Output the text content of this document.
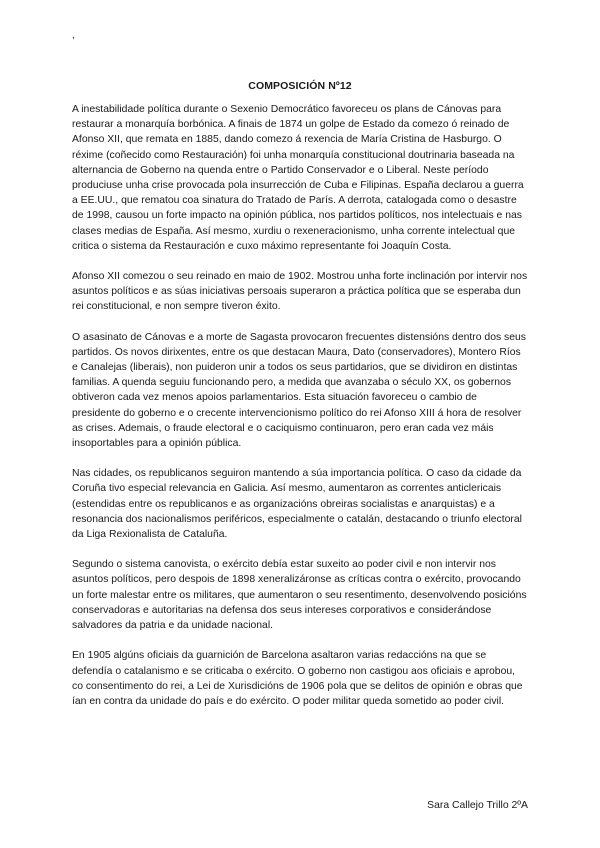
,
COMPOSICIÓN Nº12

A inestabilidade política durante o Sexenio Democrático favoreceu os plans de Cánovas para restaurar a monarquía borbónica. A finais de 1874 un golpe de Estado da comezo ó reinado de Afonso XII, que remata en 1885, dando comezo á rexencia de María Cristina de Hasburgo. O réxime (coñecido como Restauración) foi unha monarquía constitucional doutrinaria baseada na alternancia de Goberno na quenda entre o Partido Conservador e o Liberal. Neste período produciuse unha crise provocada pola insurrección de Cuba e Filipinas. España declarou a guerra a EE.UU., que rematou coa sinatura do Tratado de París. A derrota, catalogada como o desastre de 1998, causou un forte impacto na opinión pública, nos partidos políticos, nos intelectuais e nas clases medias de España. Así mesmo, xurdiu o rexeneracionismo, unha corrente intelectual que critica o sistema da Restauración e cuxo máximo representante foi Joaquín Costa.

Afonso XII comezou o seu reinado en maio de 1902. Mostrou unha forte inclinación por intervir nos asuntos políticos e as súas iniciativas persoais superaron a práctica política que se esperaba dun rei constitucional, e non sempre tiveron éxito.

O asasinato de Cánovas e a morte de Sagasta provocaron frecuentes distensións dentro dos seus partidos. Os novos dirixentes, entre os que destacan Maura, Dato (conservadores), Montero Ríos e Canalejas (liberais), non puideron unir a todos os seus partidarios, que se dividiron en distintas familias. A quenda seguiu funcionando pero, a medida que avanzaba o século XX, os gobernos obtiveron cada vez menos apoios parlamentarios. Esta situación favoreceu o cambio de presidente do goberno e o crecente intervencionismo político do rei Afonso XIII á hora de resolver as crises. Ademais, o fraude electoral e o caciquismo continuaron, pero eran cada vez máis insoportables para a opinión pública.

Nas cidades, os republicanos seguiron mantendo a súa importancia política. O caso da cidade da Coruña tivo especial relevancia en Galicia. Así mesmo, aumentaron as correntes anticlericais (estendidas entre os republicanos e as organizacións obreiras socialistas e anarquistas) e a resonancia dos nacionalismos periféricos, especialmente o catalán, destacando o triunfo electoral da Liga Rexionalista de Cataluña.

Segundo o sistema canovista, o exército debía estar suxeito ao poder civil e non intervir nos asuntos políticos, pero despois de 1898 xeneralizáronse as críticas contra o exército, provocando un forte malestar entre os militares, que aumentaron o seu resentimento, desenvolvendo posicións conservadoras e autoritarias na defensa dos seus intereses corporativos e considerándose salvadores da patria e da unidade nacional.

En 1905 algúns oficiais da guarnición de Barcelona asaltaron varias redaccións na que se defendía o catalanismo e se criticaba o exército. O goberno non castigou aos oficiais e aprobou, co consentimento do rei, a Lei de Xurisdicións de 1906 pola que se delitos de opinión e obras que ían en contra da unidade do país e do exército. O poder militar queda sometido ao poder civil.

Sara Callejo Trillo 2ºA
